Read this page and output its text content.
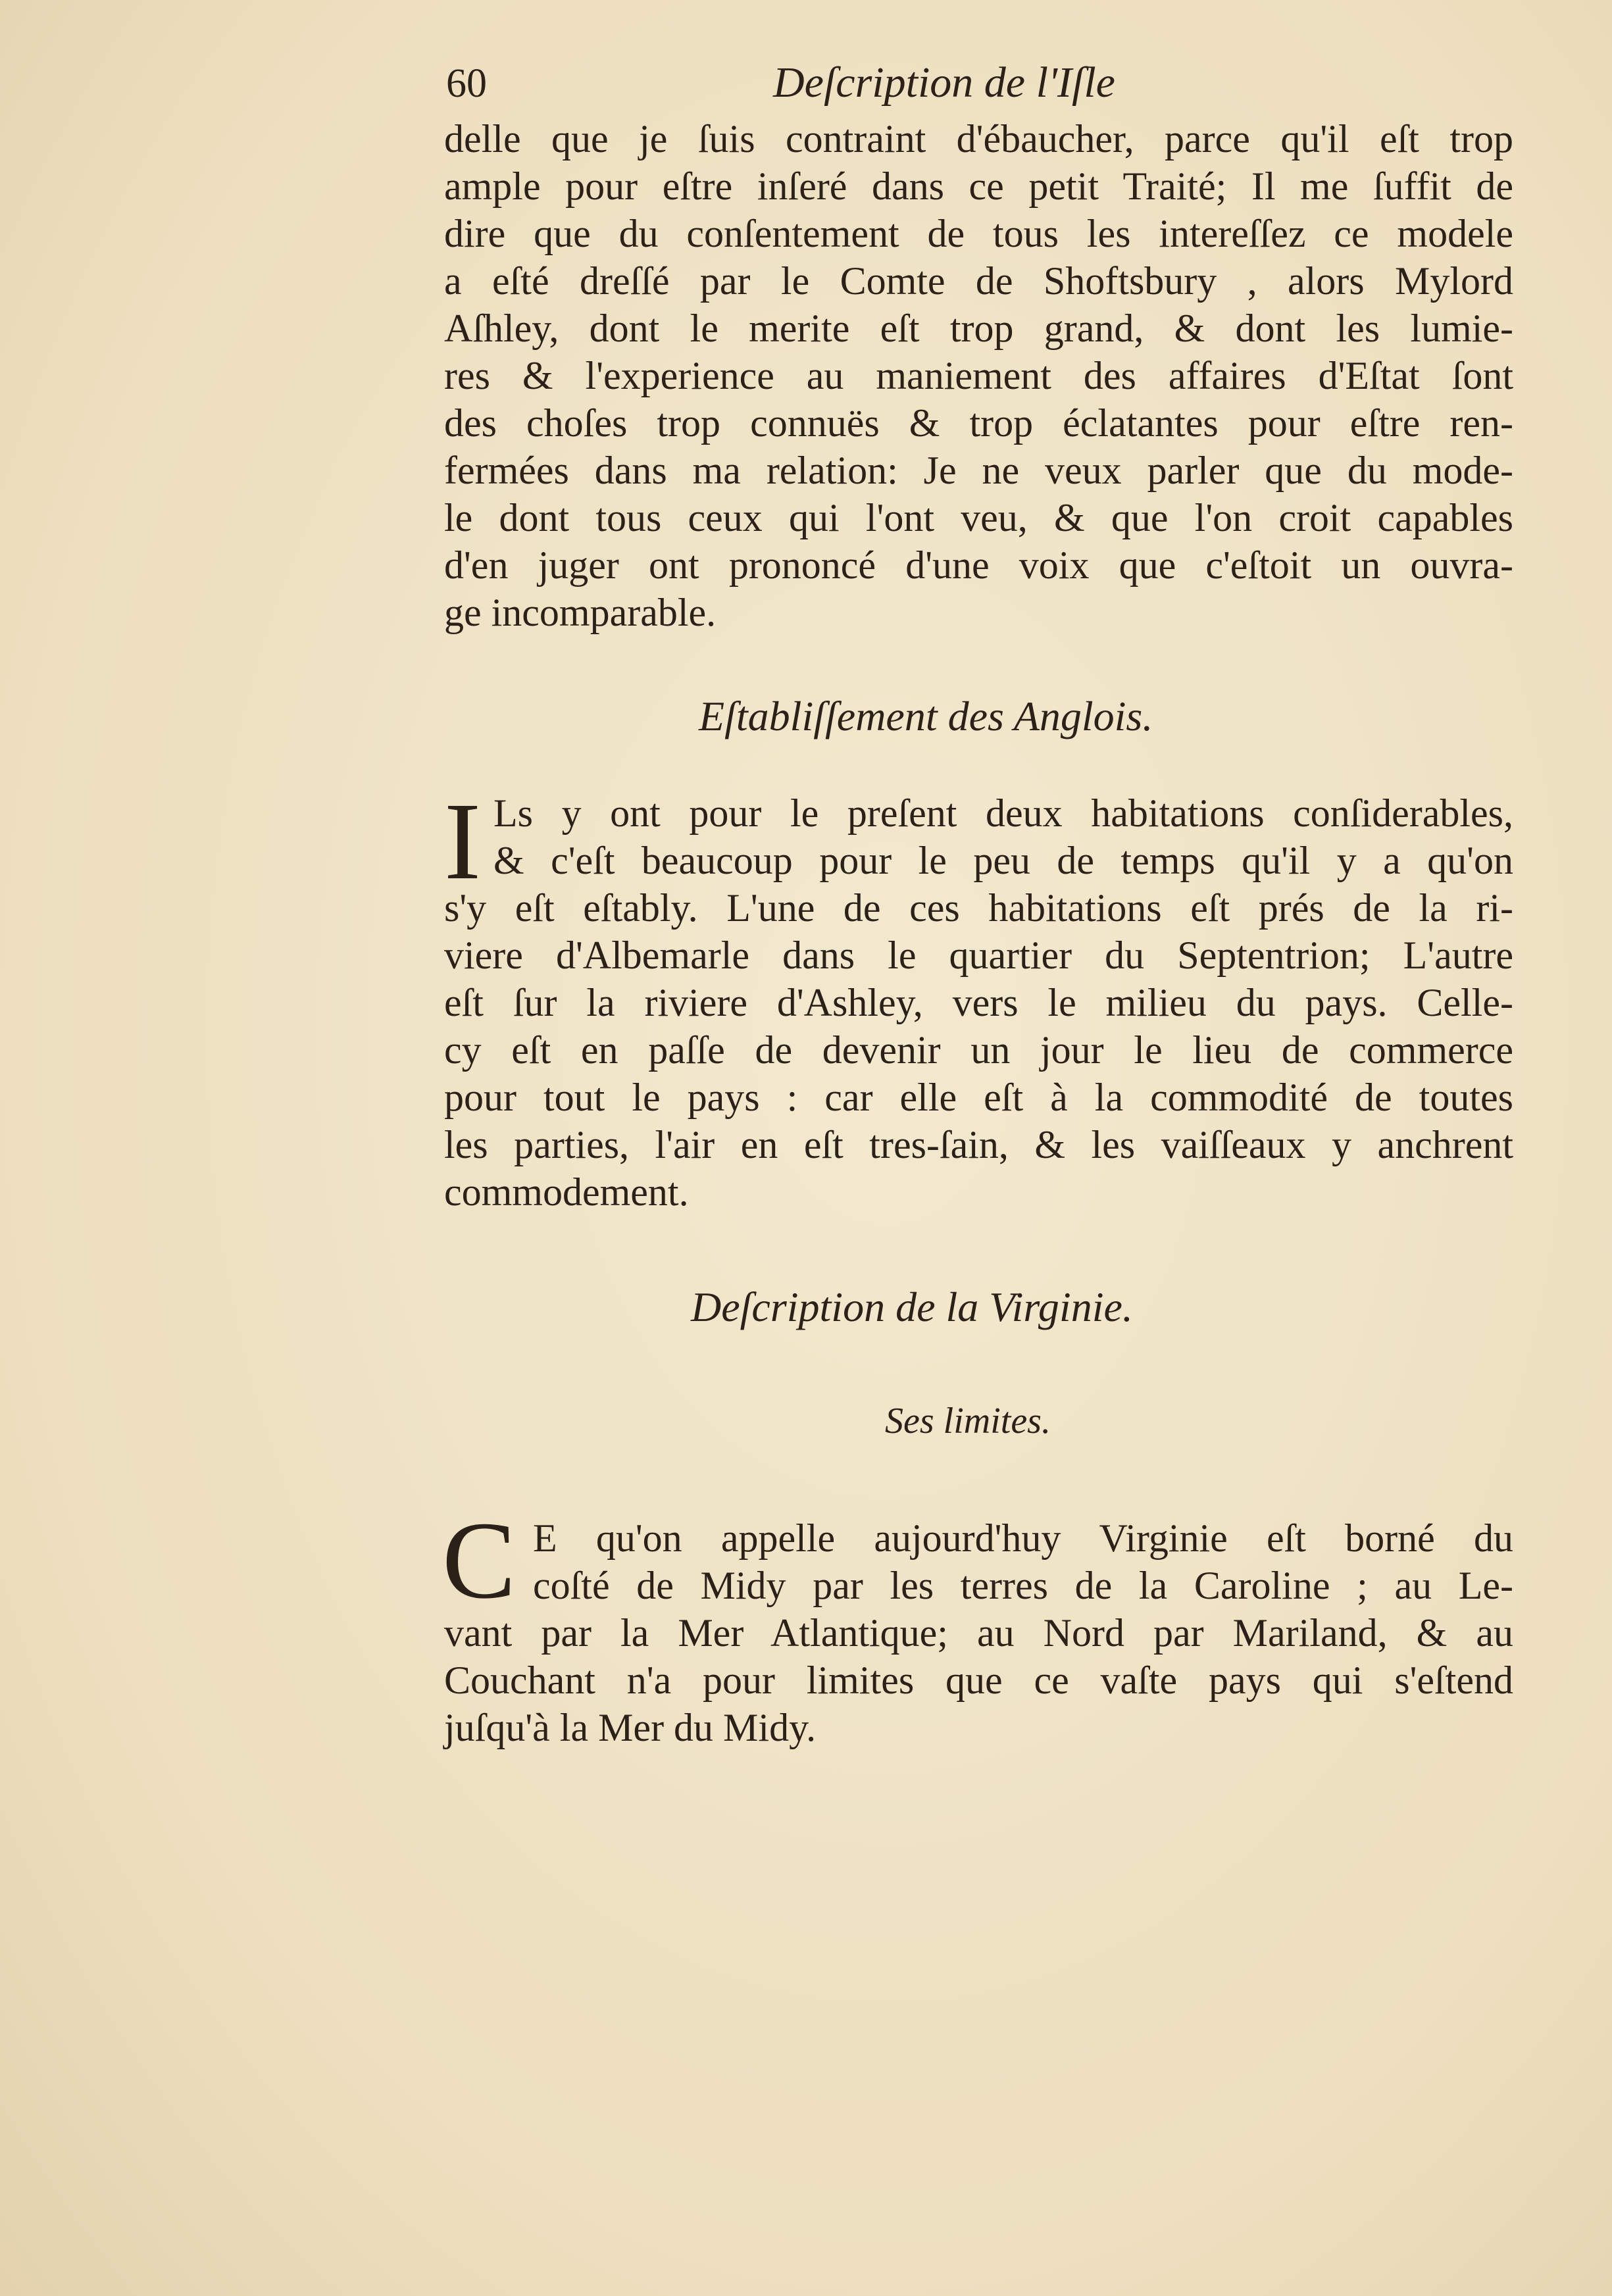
60	Deſcription de l'Iſle
delle que je ſuis contraint d'ébaucher, parce qu'il eſt trop
ample pour eſtre inſeré dans ce petit Traité; Il me ſuffit de
dire que du conſentement de tous les intereſſez ce modele
a eſté dreſſé par le Comte de Shoftsbury , alors Mylord
Aſhley, dont le merite eſt trop grand, & dont les lumie-
res & l'experience au maniement des affaires d'Eſtat ſont
des choſes trop connuës & trop éclatantes pour eſtre ren-
fermées dans ma relation: Je ne veux parler que du mode-
le dont tous ceux qui l'ont veu, & que l'on croit capables
d'en juger ont prononcé d'une voix que c'eſtoit un ouvra-
ge incomparable.
Eſtabliſſement des Anglois.
I Ls y ont pour le preſent deux habitations conſiderables,
& c'eſt beaucoup pour le peu de temps qu'il y a qu'on
s'y eſt eſtably. L'une de ces habitations eſt prés de la ri-
viere d'Albemarle dans le quartier du Septentrion; L'autre
eſt ſur la riviere d'Ashley, vers le milieu du pays. Celle-
cy eſt en paſſe de devenir un jour le lieu de commerce
pour tout le pays : car elle eſt à la commodité de toutes
les parties, l'air en eſt tres-ſain, & les vaiſſeaux y anchrent
commodement.
Deſcription de la Virginie.
Ses limites.
C E qu'on appelle aujourd'huy Virginie eſt borné du
coſté de Midy par les terres de la Caroline ; au Le-
vant par la Mer Atlantique; au Nord par Mariland, & au
Couchant n'a pour limites que ce vaſte pays qui s'eſtend
juſqu'à la Mer du Midy.
